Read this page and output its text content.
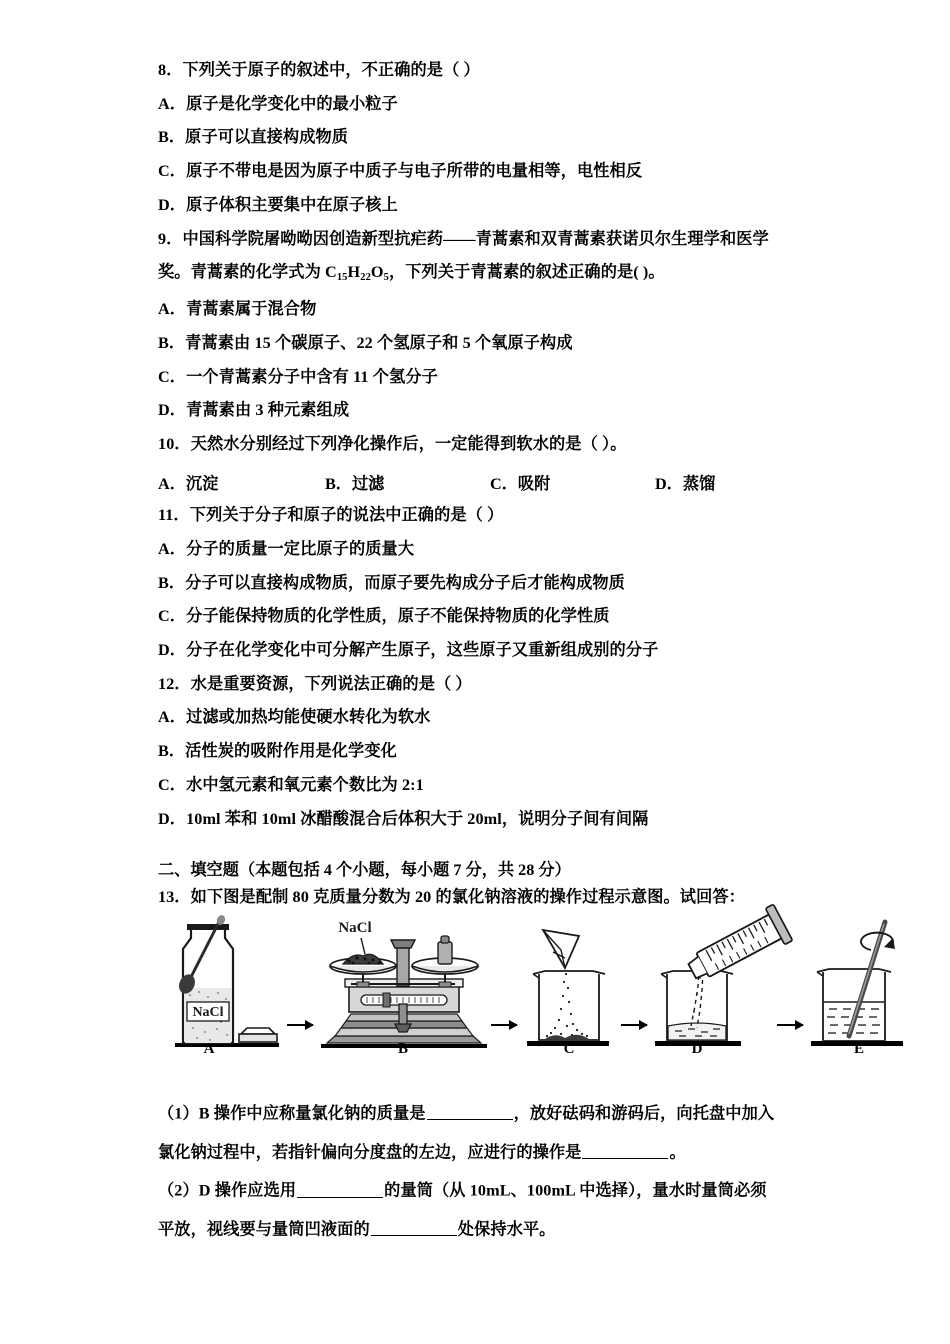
8．下列关于原子的叙述中，不正确的是（ ）
A．原子是化学变化中的最小粒子
B．原子可以直接构成物质
C．原子不带电是因为原子中质子与电子所带的电量相等，电性相反
D．原子体积主要集中在原子核上
9．中国科学院屠呦呦因创造新型抗疟药——青蒿素和双青蒿素获诺贝尔生理学和医学
奖。青蒿素的化学式为 $C_{15}H_{22}O_5$，下列关于青蒿素的叙述正确的是( )。
A．青蒿素属于混合物
B．青蒿素由 15 个碳原子、22 个氢原子和 5 个氧原子构成
C．一个青蒿素分子中含有 11 个氢分子
D．青蒿素由 3 种元素组成
10．天然水分别经过下列净化操作后，一定能得到软水的是（ ）。
A．沉淀	B．过滤	C．吸附	D．蒸馏
11．下列关于分子和原子的说法中正确的是（ ）
A．分子的质量一定比原子的质量大
B．分子可以直接构成物质，而原子要先构成分子后才能构成物质
C．分子能保持物质的化学性质，原子不能保持物质的化学性质
D．分子在化学变化中可分解产生原子，这些原子又重新组成别的分子
12．水是重要资源，下列说法正确的是（ ）
A．过滤或加热均能使硬水转化为软水
B．活性炭的吸附作用是化学变化
C．水中氢元素和氧元素个数比为 2:1
D．10ml 苯和 10ml 冰醋酸混合后体积大于 20ml，说明分子间有间隔
二、填空题（本题包括 4 个小题，每小题 7 分，共 28 分）
13．如下图是配制 80 克质量分数为 20 的氯化钠溶液的操作过程示意图。试回答：
NaCl
A
NaCl
B	C	D	E
（1）B 操作中应称量氯化钠的质量是	，放好砝码和游码后，向托盘中加入
氯化钠过程中，若指针偏向分度盘的左边，应进行的操作是	。
（2）D 操作应选用	的量筒（从 10mL、100mL 中选择），量水时量筒必须
平放，视线要与量筒凹液面的	处保持水平。
